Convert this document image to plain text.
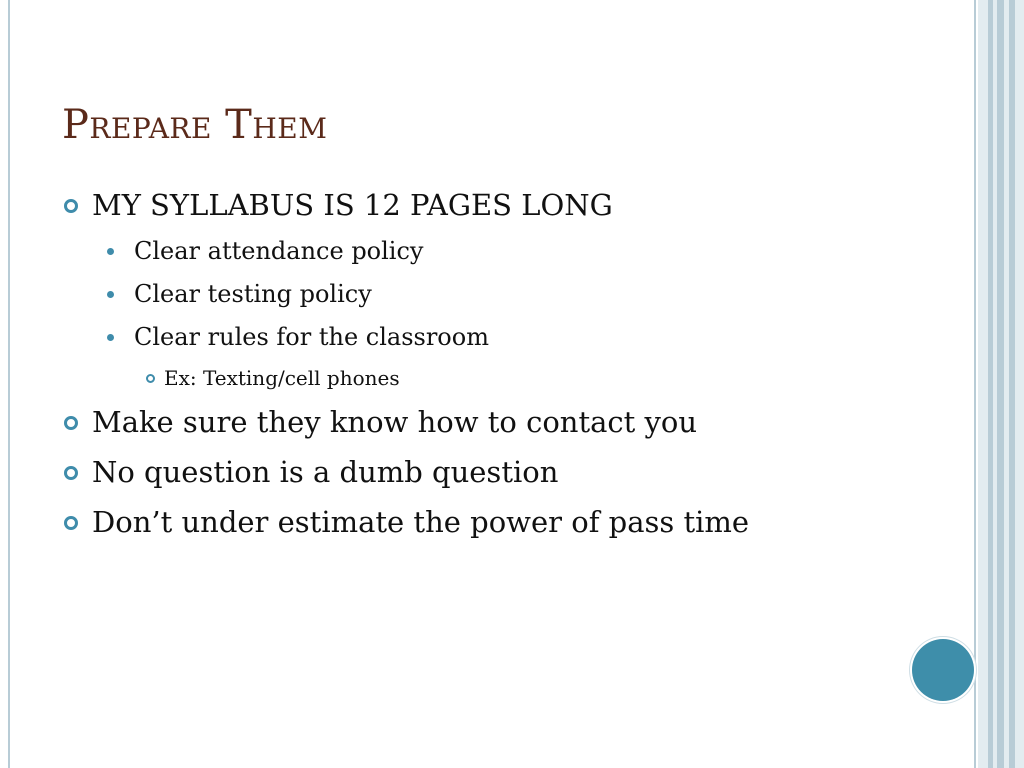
Prepare Them
MY SYLLABUS IS 12 PAGES LONG
Clear attendance policy
Clear testing policy
Clear rules for the classroom
Ex: Texting/cell phones
Make sure they know how to contact you
No question is a dumb question
Don’t under estimate the power of pass time
